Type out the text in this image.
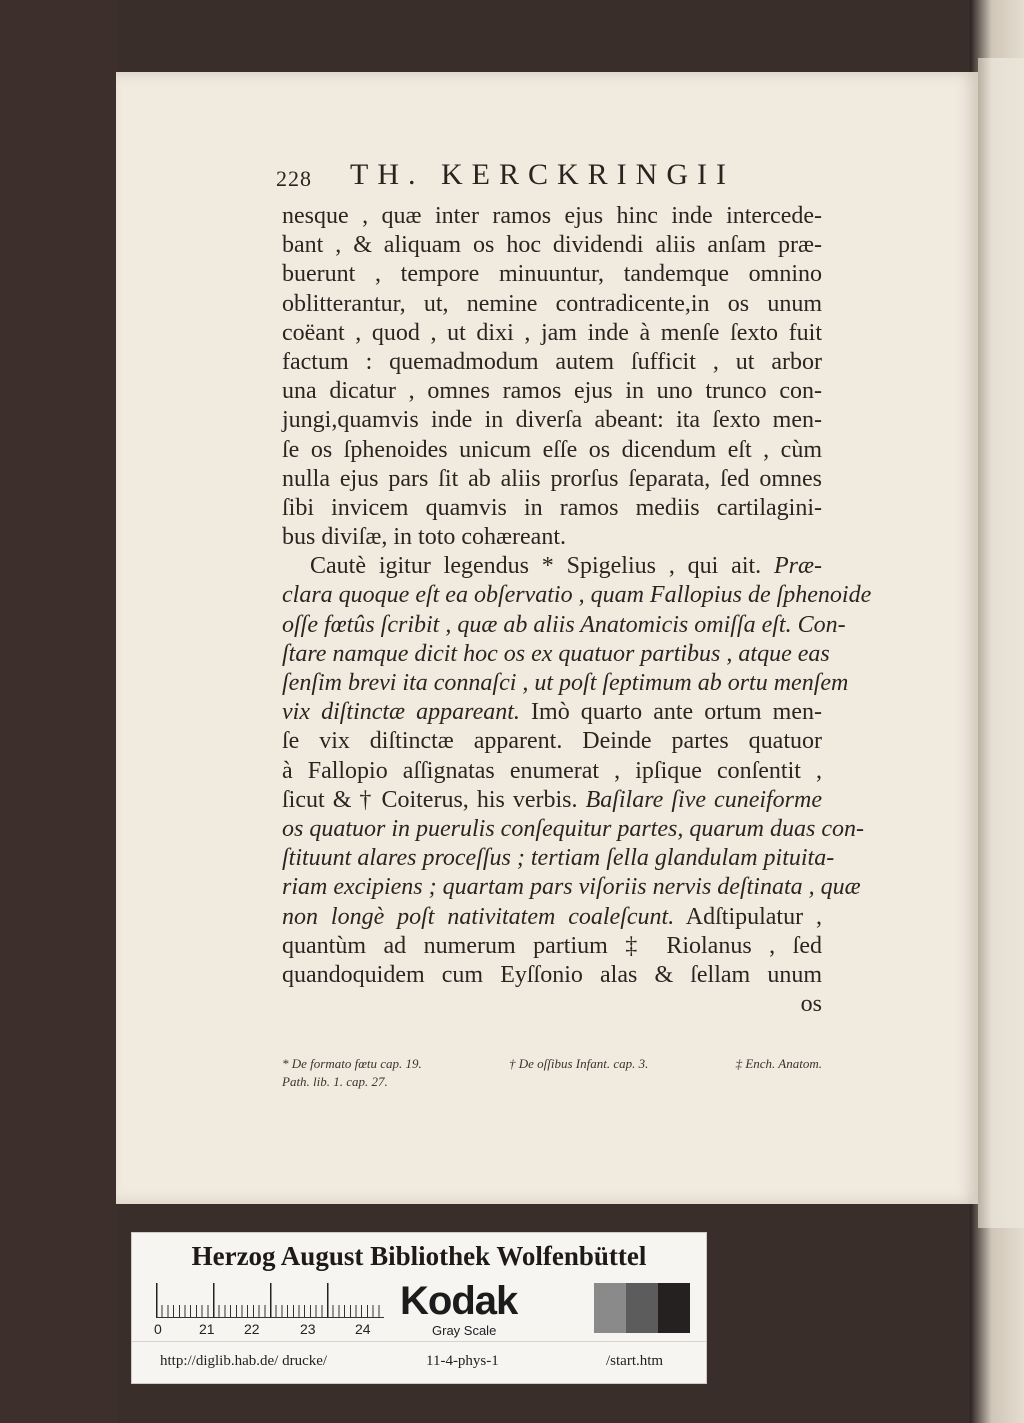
228 TH. KERCKRINGII
nesque , quæ inter ramos ejus hinc inde intercede-
bant , & aliquam os hoc dividendi aliis anſam præ-
buerunt , tempore minuuntur, tandemque omnino
oblitterantur, ut, nemine contradicente,in os unum
coëant , quod , ut dixi , jam inde à menſe ſexto fuit
factum : quemadmodum autem ſufficit , ut arbor
una dicatur , omnes ramos ejus in uno trunco con-
jungi,quamvis inde in diverſa abeant: ita ſexto men-
ſe os ſphenoides unicum eſſe os dicendum eſt , cùm
nulla ejus pars ſit ab aliis prorſus ſeparata, ſed omnes
ſibi invicem quamvis in ramos mediis cartilagini-
bus diviſæ, in toto cohæreant.
Cautè igitur legendus * Spigelius , qui ait. Præ-
clara quoque eſt ea obſervatio , quam Fallopius de ſphenoide
oſſe fœtûs ſcribit , quæ ab aliis Anatomicis omiſſa eſt. Con-
ſtare namque dicit hoc os ex quatuor partibus , atque eas
ſenſim brevi ita connaſci , ut poſt ſeptimum ab ortu menſem
vix diſtinctæ appareant. Imò quarto ante ortum men-
ſe vix diſtinctæ apparent. Deinde partes quatuor
à Fallopio aſſignatas enumerat , ipſique conſentit ,
ſicut & † Coiterus, his verbis. Baſilare ſive cuneiforme
os quatuor in puerulis conſequitur partes, quarum duas con-
ſtituunt alares proceſſus ; tertiam ſella glandulam pituita-
riam excipiens ; quartam pars viſoriis nervis deſtinata , quæ
non longè poſt nativitatem coaleſcunt. Adſtipulatur ,
quantùm ad numerum partium ‡ Riolanus , ſed
quandoquidem cum Eyſſonio alas & ſellam unum
os
* De formato fœtu cap. 19.	† De oſſibus Infant. cap. 3.	‡ Ench. Anatom.
Path. lib. 1. cap. 27.
Herzog August Bibliothek Wolfenbüttel
0	21 22	23	24
Kodak
Gray Scale
http://diglib.hab.de/ drucke/	11-4-phys-1	/start.htm
